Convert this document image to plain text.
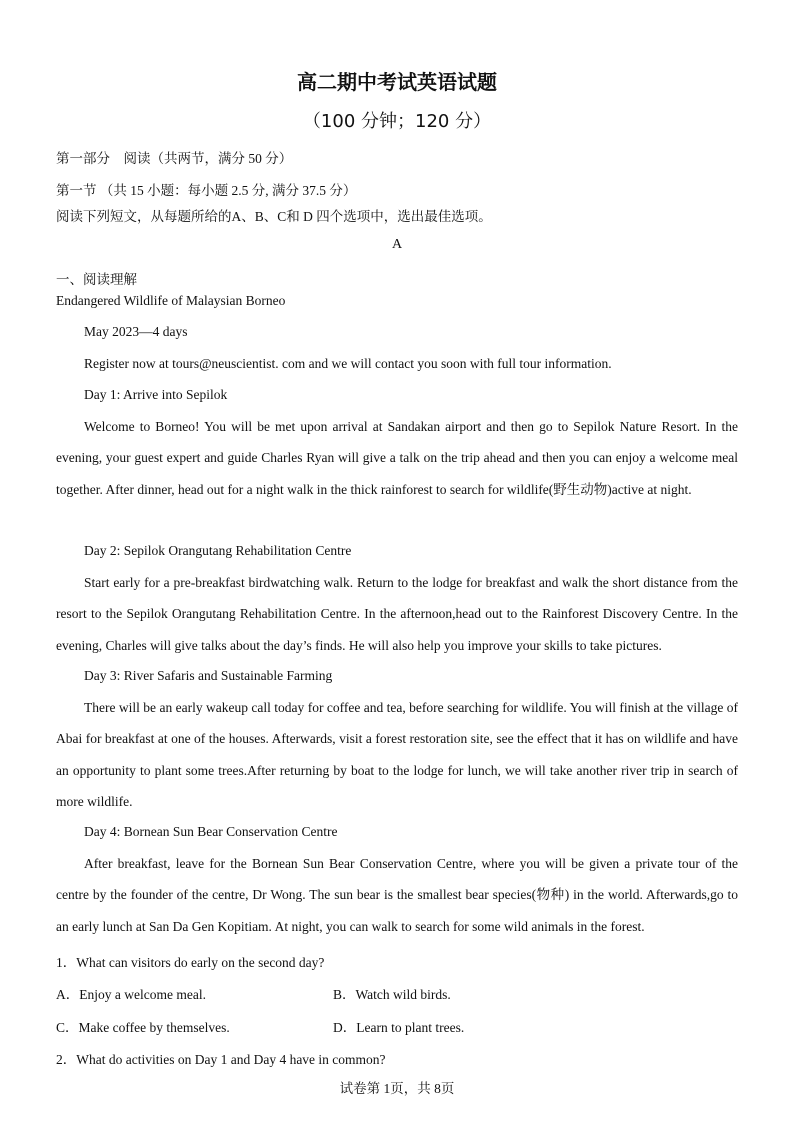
高二期中考试英语试题
（100 分钟；120 分）
第一部分　阅读（共两节，满分 50 分）
第一节 （共 15 小题：每小题 2.5 分, 满分 37.5 分）
阅读下列短文，从每题所给的A、B、C和 D 四个选项中，选出最佳选项。
A
一、阅读理解
Endangered Wildlife of Malaysian Borneo
May 2023—4 days
Register now at tours@neuscientist. com and we will contact you soon with full tour information.
Day 1: Arrive into Sepilok

Welcome to Borneo! You will be met upon arrival at Sandakan airport and then go to Sepilok Nature Resort. In the evening, your guest expert and guide Charles Ryan will give a talk on the trip ahead and then you can enjoy a welcome meal together. After dinner, head out for a night walk in the thick rainforest to search for wildlife(野生动物)active at night.

Day 2: Sepilok Orangutang Rehabilitation Centre

Start early for a pre-breakfast birdwatching walk. Return to the lodge for breakfast and walk the short distance from the resort to the Sepilok Orangutang Rehabilitation Centre. In the afternoon,head out to the Rainforest Discovery Centre. In the evening, Charles will give talks about the day’s finds. He will also help you improve your skills to take pictures.

Day 3: River Safaris and Sustainable Farming

There will be an early wakeup call today for coffee and tea, before searching for wildlife. You will finish at the village of Abai for breakfast at one of the houses. Afterwards, visit a forest restoration site, see the effect that it has on wildlife and have an opportunity to plant some trees.After returning by boat to the lodge for lunch, we will take another river trip in search of more wildlife.

Day 4: Bornean Sun Bear Conservation Centre

After breakfast, leave for the Bornean Sun Bear Conservation Centre, where you will be given a private tour of the centre by the founder of the centre, Dr Wong. The sun bear is the smallest bear species(物种) in the world. Afterwards,go to an early lunch at San Da Gen Kopitiam. At night, you can walk to search for some wild animals in the forest.

1．What can visitors do early on the second day?
A．Enjoy a welcome meal.	B．Watch wild birds.
C．Make coffee by themselves.	D．Learn to plant trees.
2．What do activities on Day 1 and Day 4 have in common?
试卷第 1页，共 8页
